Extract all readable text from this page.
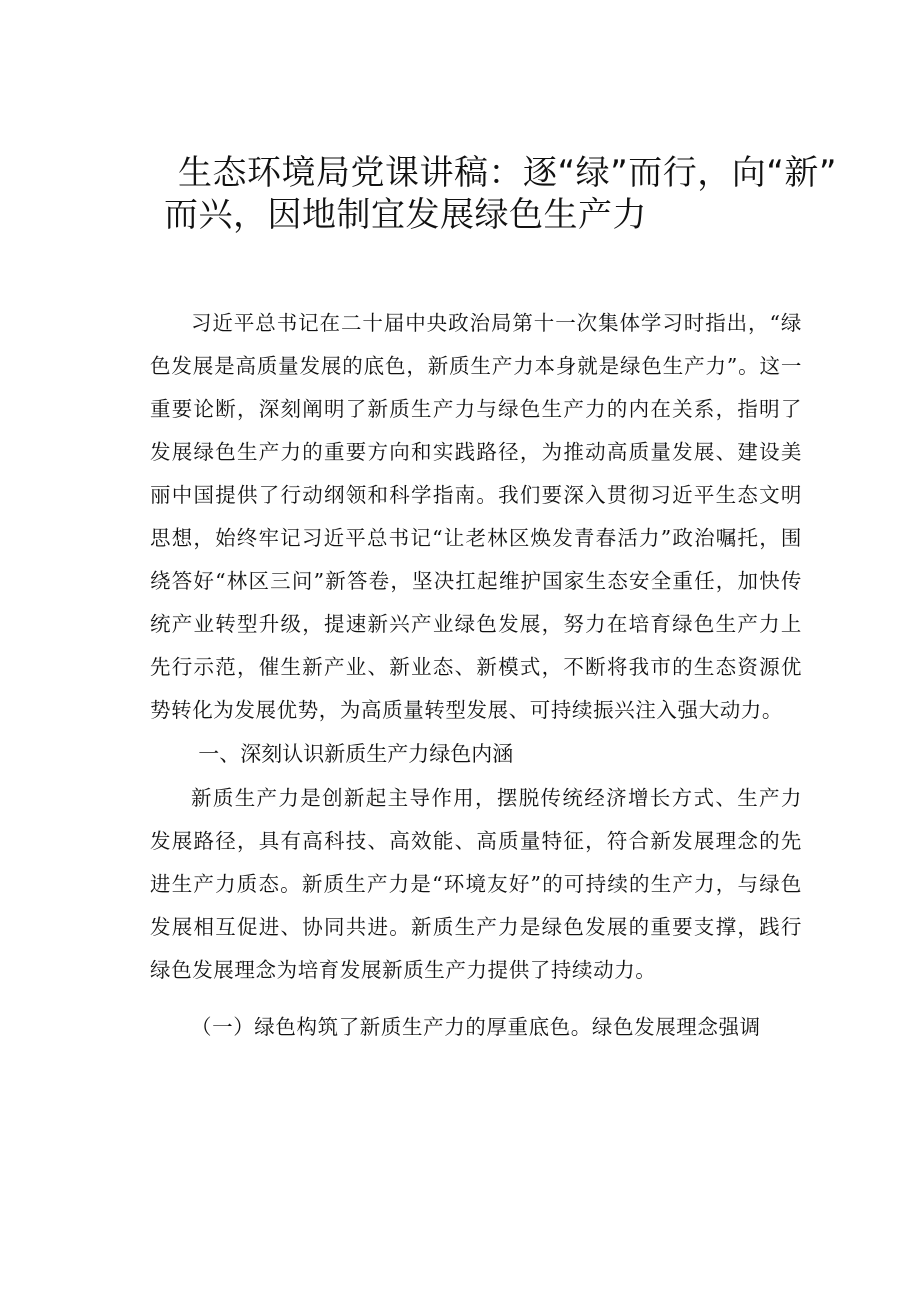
生态环境局党课讲稿：逐“绿”而行，向“新”
而兴，因地制宜发展绿色生产力

习近平总书记在二十届中央政治局第十一次集体学习时指出，“绿色发展是高质量发展的底色，新质生产力本身就是绿色生产力”。这一重要论断，深刻阐明了新质生产力与绿色生产力的内在关系，指明了发展绿色生产力的重要方向和实践路径，为推动高质量发展、建设美丽中国提供了行动纲领和科学指南。我们要深入贯彻习近平生态文明思想，始终牢记习近平总书记“让老林区焕发青春活力”政治嘱托，围绕答好“林区三问”新答卷，坚决扛起维护国家生态安全重任，加快传统产业转型升级，提速新兴产业绿色发展，努力在培育绿色生产力上先行示范，催生新产业、新业态、新模式，不断将我市的生态资源优势转化为发展优势，为高质量转型发展、可持续振兴注入强大动力。

一、深刻认识新质生产力绿色内涵

新质生产力是创新起主导作用，摆脱传统经济增长方式、生产力发展路径，具有高科技、高效能、高质量特征，符合新发展理念的先进生产力质态。新质生产力是“环境友好”的可持续的生产力，与绿色发展相互促进、协同共进。新质生产力是绿色发展的重要支撑，践行绿色发展理念为培育发展新质生产力提供了持续动力。

（一）绿色构筑了新质生产力的厚重底色。绿色发展理念强调
